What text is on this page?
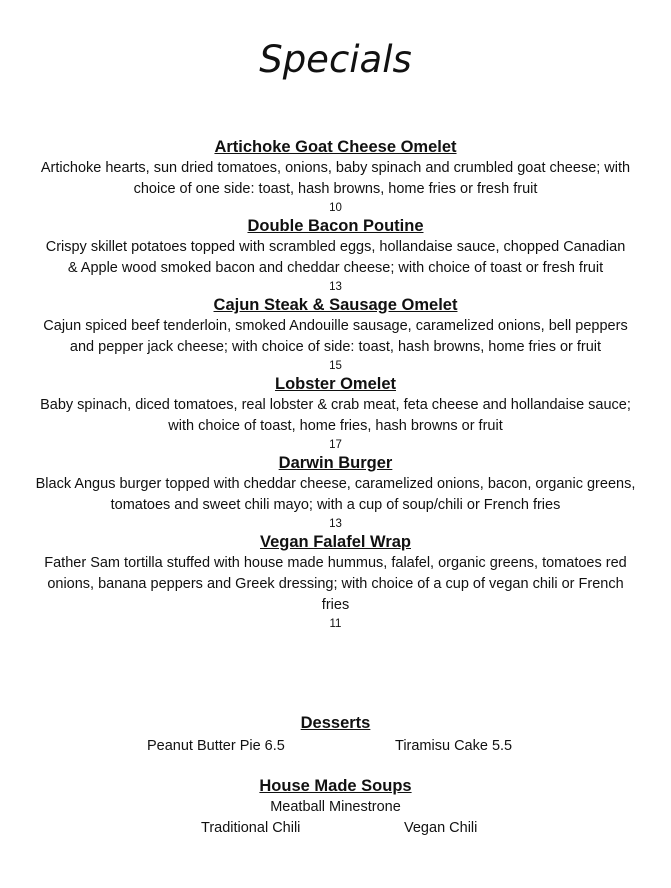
Specials
Artichoke Goat Cheese Omelet
Artichoke hearts, sun dried tomatoes, onions, baby spinach and crumbled goat cheese; with choice of one side: toast, hash browns, home fries or fresh fruit
10
Double Bacon Poutine
Crispy skillet potatoes topped with scrambled eggs, hollandaise sauce, chopped Canadian & Apple wood smoked bacon and cheddar cheese; with choice of toast or fresh fruit
13
Cajun Steak & Sausage Omelet
Cajun spiced beef tenderloin, smoked Andouille sausage, caramelized onions, bell peppers and pepper jack cheese; with choice of side: toast, hash browns, home fries or fruit
15
Lobster Omelet
Baby spinach, diced tomatoes, real lobster & crab meat, feta cheese and hollandaise sauce; with choice of toast, home fries, hash browns or fruit
17
Darwin Burger
Black Angus burger topped with cheddar cheese, caramelized onions, bacon, organic greens, tomatoes and sweet chili mayo; with a cup of soup/chili or French fries
13
Vegan Falafel Wrap
Father Sam tortilla stuffed with house made hummus, falafel, organic greens, tomatoes red onions, banana peppers and Greek dressing; with choice of a cup of vegan chili or French fries
11
Desserts
Peanut Butter Pie 6.5	Tiramisu Cake 5.5
House Made Soups
Meatball Minestrone
Traditional Chili	Vegan Chili
